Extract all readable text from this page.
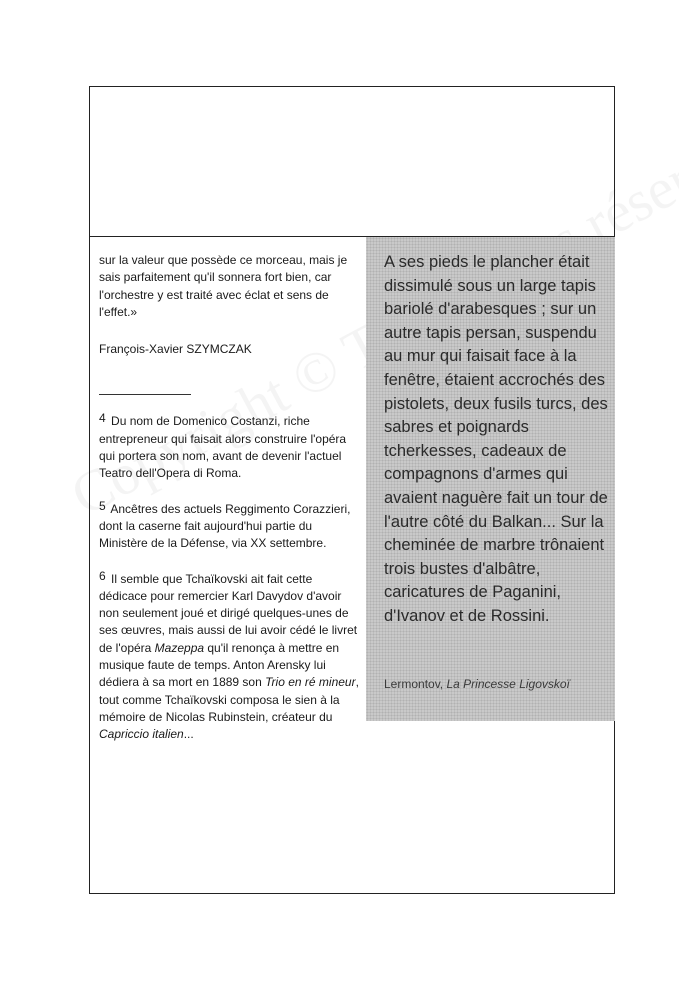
sur la valeur que possède ce morceau, mais je sais parfaitement qu'il sonnera fort bien, car l'orchestre y est traité avec éclat et sens de l'effet.»

François-Xavier SZYMCZAK

$^4$ Du nom de Domenico Costanzi, riche entrepreneur qui faisait alors construire l'opéra qui portera son nom, avant de devenir l'actuel Teatro dell'Opera di Roma.

$^5$ Ancêtres des actuels Reggimento Corazzieri, dont la caserne fait aujourd'hui partie du Ministère de la Défense, via XX settembre.

$^6$ Il semble que Tchaïkovski ait fait cette dédicace pour remercier Karl Davydov d'avoir non seulement joué et dirigé quelques-unes de ses œuvres, mais aussi de lui avoir cédé le livret de l'opéra Mazeppa qu'il renonça à mettre en musique faute de temps. Anton Arensky lui dédiera à sa mort en 1889 son Trio en ré mineur, tout comme Tchaïkovski composa le sien à la mémoire de Nicolas Rubinstein, créateur du Capriccio italien...

A ses pieds le plancher était dissimulé sous un large tapis bariolé d'arabesques ; sur un autre tapis persan, suspendu au mur qui faisait face à la fenêtre, étaient accrochés des pistolets, deux fusils turcs, des sabres et poignards tcherkesses, cadeaux de compagnons d'armes qui avaient naguère fait un tour de l'autre côté du Balkan... Sur la cheminée de marbre trônaient trois bustes d'albâtre, caricatures de Paganini, d'Ivanov et de Rossini.

Lermontov, La Princesse Ligovskoï
